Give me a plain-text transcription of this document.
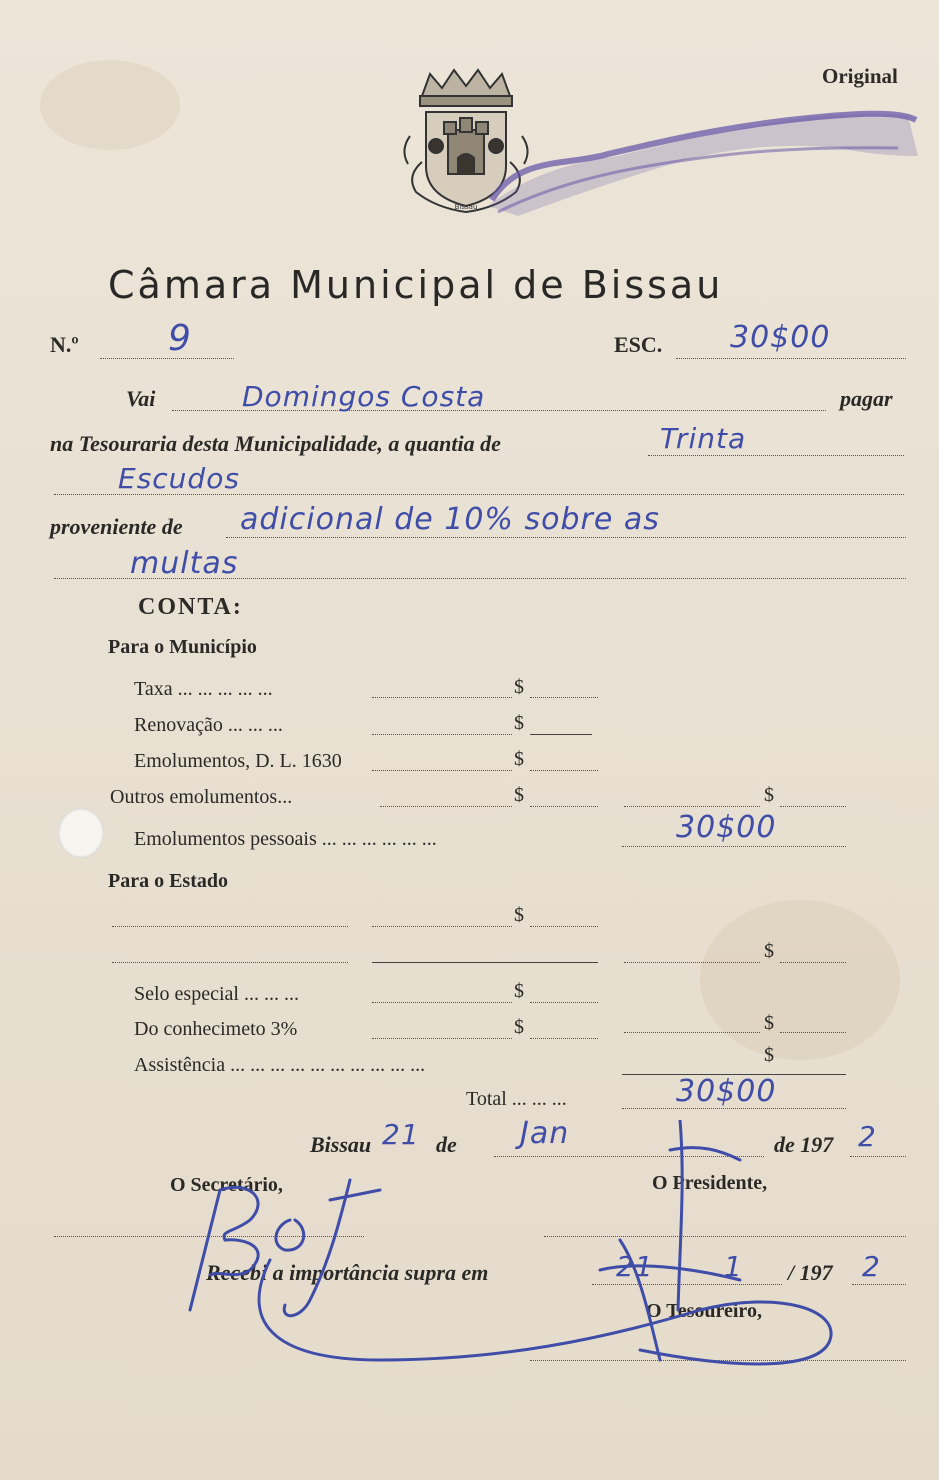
Original
Bissau
Câmara Municipal de Bissau
N.º 9	ESC. 30$00
Vai	Domingos Costa	pagar
na Tesouraria desta Municipalidade, a quantia de	Trinta
Escudos
proveniente de adicional de 10% sobre as
multas
CONTA:
Para o Município
Taxa ... ... ... ... ...	$
Renovação ... ... ...	$
Emolumentos, D. L. 1630	$
Outros emolumentos...	$	$
Emolumentos pessoais ... ... ... ... ... ...	30$00
Para o Estado
$
$
Selo especial ... ... ...	$
Do conhecimeto 3%	$	$
Assistência ... ... ... ... ... ... ... ... ... ...	$
Total ... ... ...	30$00
Bissau 21 de Jan	de 197 2
O Secretário,	O Presidente,
Recebi a importância supra em	21	1 / 197 2
O Tesoureiro,
